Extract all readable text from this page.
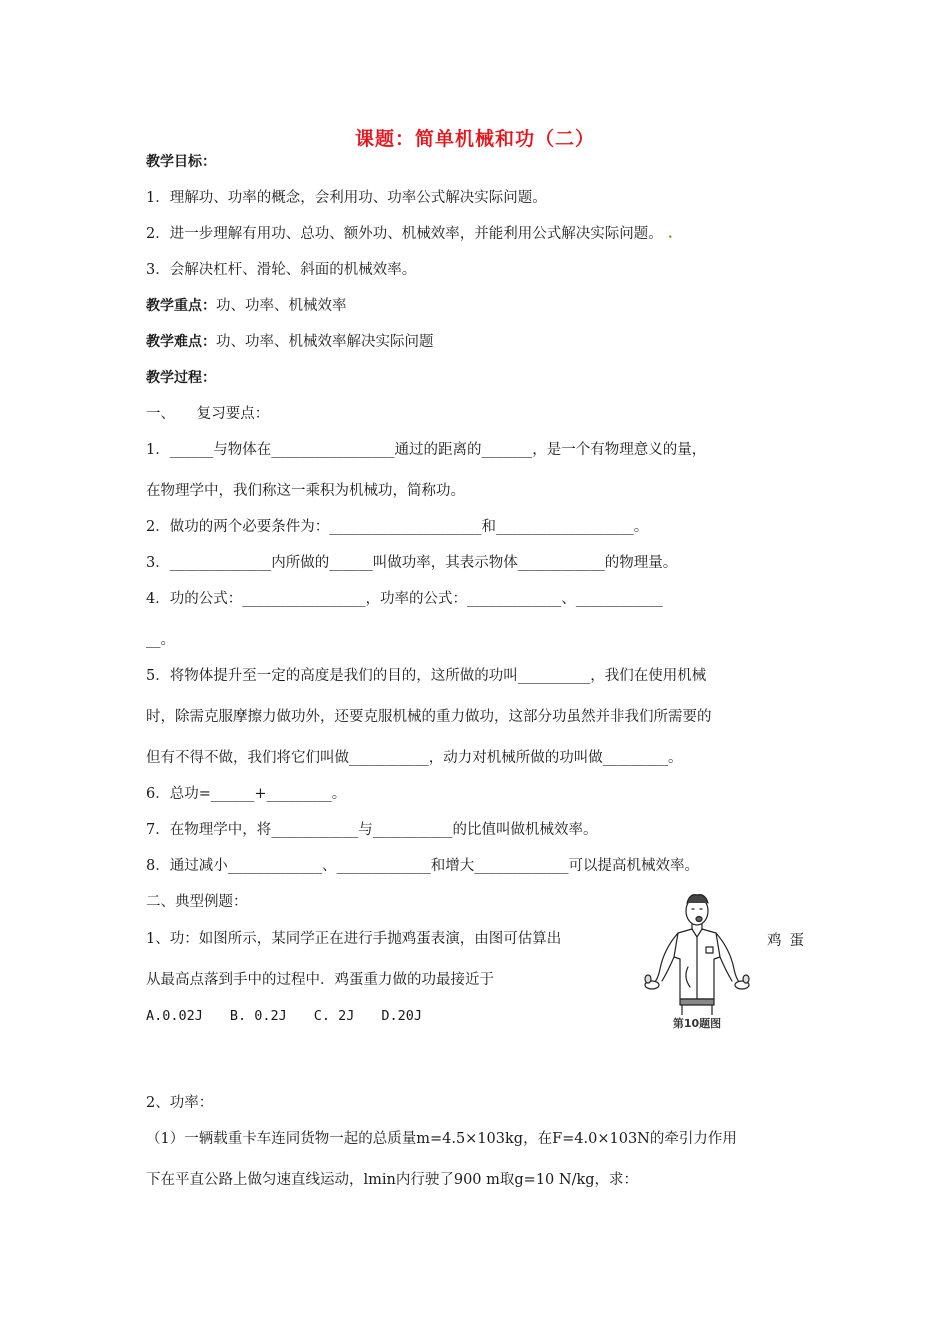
课题：简单机械和功（二）
教学目标：
1．理解功、功率的概念，会利用功、功率公式解决实际问题。
2．进一步理解有用功、总功、额外功、机械效率，并能利用公式解决实际问题。 .
3．会解决杠杆、滑轮、斜面的机械效率。
教学重点：功、功率、机械效率
教学难点：功、功率、机械效率解决实际问题
教学过程：
一、　　复习要点：
1．______与物体在_________________通过的距离的_______，是一个有物理意义的量，
在物理学中，我们称这一乘积为机械功，简称功。
2．做功的两个必要条件为：_____________________和___________________。
3．______________内所做的______叫做功率，其表示物体____________的物理量。
4．功的公式：_________________，功率的公式：_____________、____________
__。
5．将物体提升至一定的高度是我们的目的，这所做的功叫__________，我们在使用机械
时，除需克服摩擦力做功外，还要克服机械的重力做功，这部分功虽然并非我们所需要的
但有不得不做，我们将它们叫做___________，动力对机械所做的功叫做_________。
6．总功=______+_________。
7．在物理学中，将____________与___________的比值叫做机械效率。
8．通过减小_____________、_____________和增大_____________可以提高机械效率。
二、典型例题：
1、功：如图所示，某同学正在进行手抛鸡蛋表演，由图可估算出	鸡蛋
从最高点落到手中的过程中．鸡蛋重力做的功最接近于
A.0.02J　　B. 0.2J　　C. 2J　　D.20J	第10题图
2、功率：
（1）一辆载重卡车连同货物一起的总质量m=4.5×103kg，在F=4.0×103N的牵引力作用
下在平直公路上做匀速直线运动，lmin内行驶了900 m取g=10 N/kg，求：
